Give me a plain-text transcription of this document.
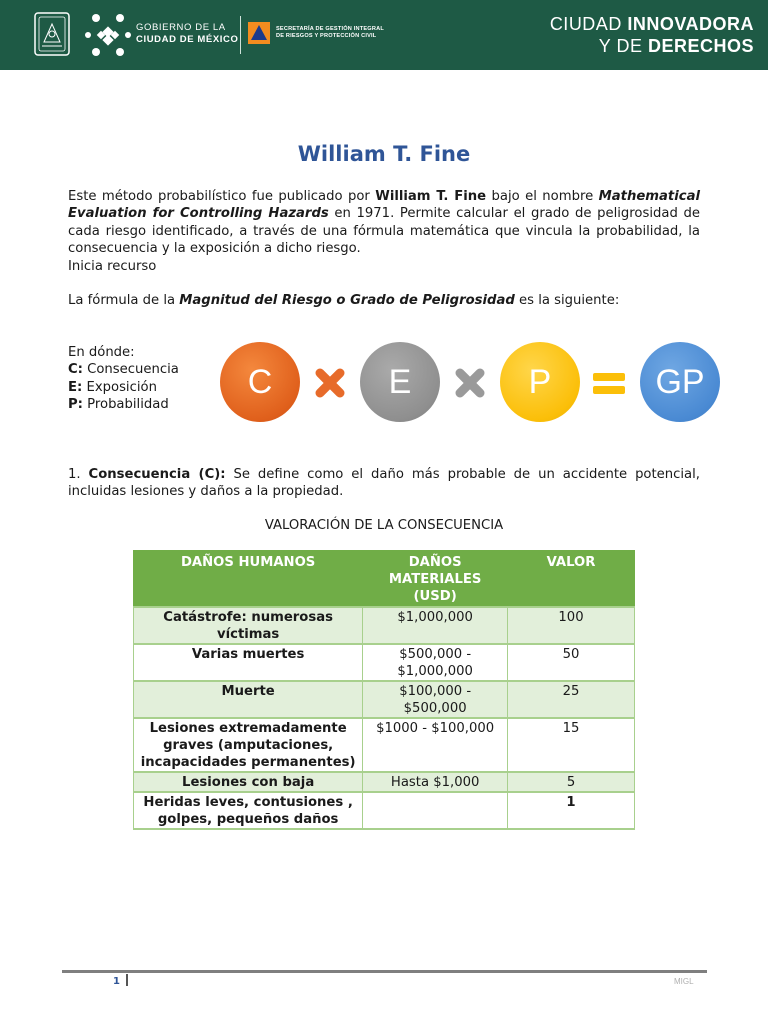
GOBIERNO DE LA
CIUDAD DE MÉXICO
SECRETARÍA DE GESTIÓN INTEGRAL
DE RIESGOS Y PROTECCIÓN CIVIL
CIUDAD INNOVADORA
Y DE DERECHOS
William T. Fine
Este método probabilístico fue publicado por William T. Fine bajo el nombre Mathematical Evaluation for Controlling Hazards en 1971. Permite calcular el grado de peligrosidad de cada riesgo identificado, a través de una fórmula matemática que vincula la probabilidad, la consecuencia y la exposición a dicho riesgo.
Inicia recurso
La fórmula de la Magnitud del Riesgo o Grado de Peligrosidad es la siguiente:
En dónde:
C: Consecuencia
E: Exposición
P: Probabilidad
C	E	P	GP
1. Consecuencia (C): Se define como el daño más probable de un accidente potencial, incluidas lesiones y daños a la propiedad.
VALORACIÓN DE LA CONSECUENCIA
DAÑOS HUMANOS	DAÑOS MATERIALES (USD)	VALOR
Catástrofe: numerosas víctimas	$1,000,000	100
Varias muertes	$500,000 - $1,000,000	50
Muerte	$100,000 - $500,000	25
Lesiones extremadamente graves (amputaciones, incapacidades permanentes)	$1000 - $100,000	15
Lesiones con baja	Hasta $1,000	5
Heridas leves, contusiones , golpes, pequeños daños		1
1	MIGL
